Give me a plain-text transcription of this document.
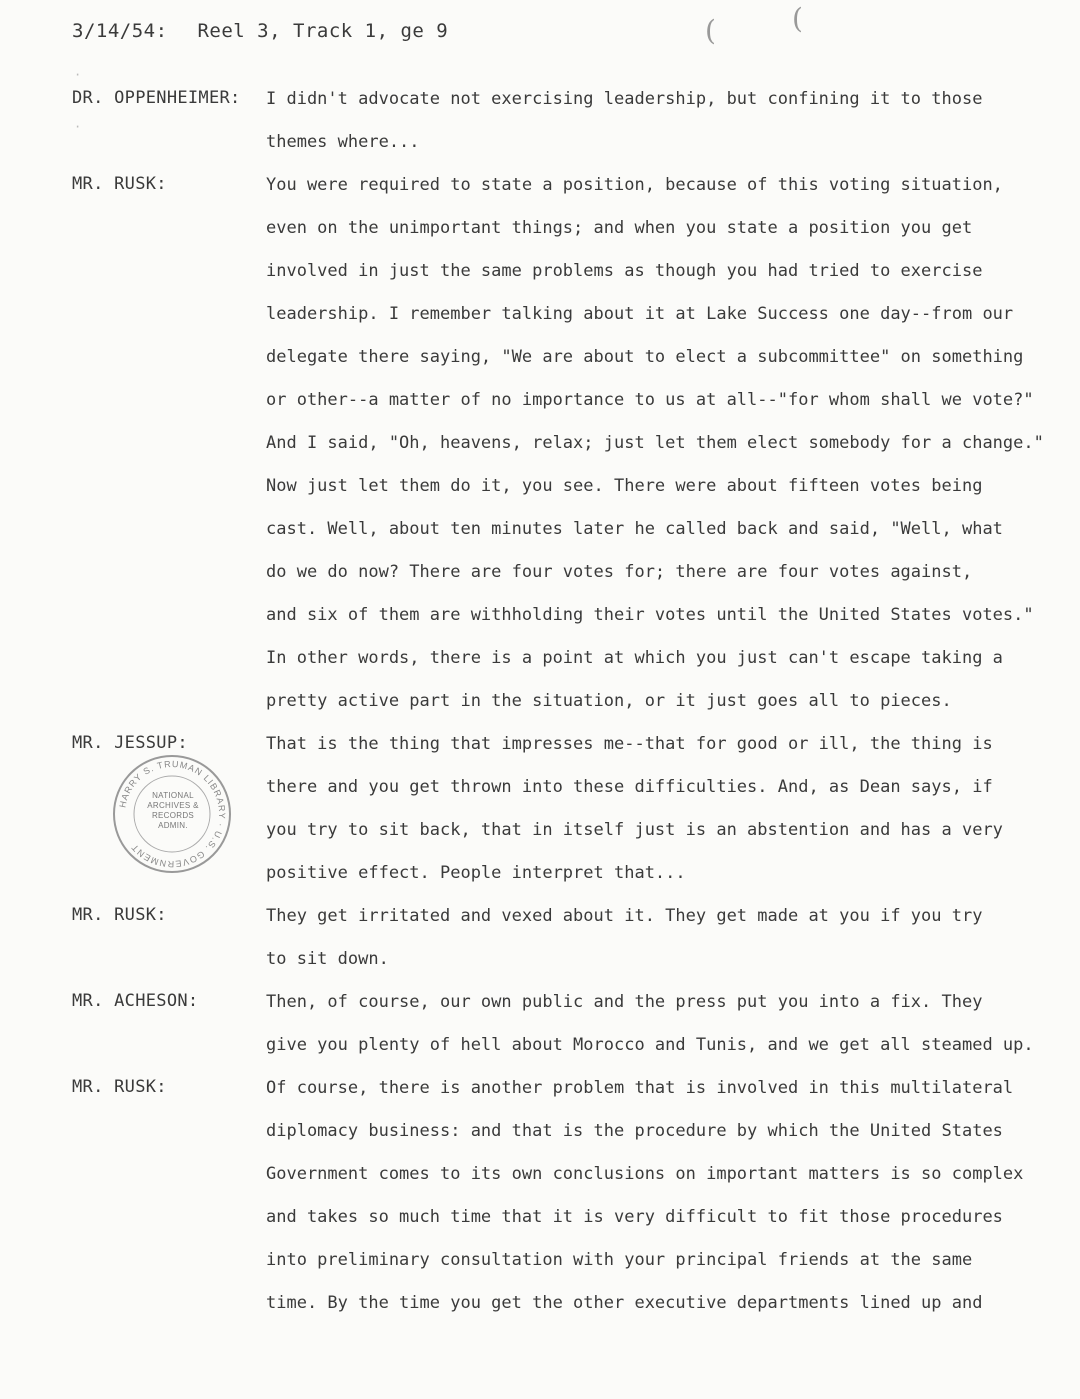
3/14/54: Reel 3, Track 1, ge 9	(	(
·
·
DR. OPPENHEIMER: I didn't advocate not exercising leadership, but confining it to those
themes where...
MR. RUSK:	You were required to state a position, because of this voting situation,
even on the unimportant things; and when you state a position you get
involved in just the same problems as though you had tried to exercise
leadership. I remember talking about it at Lake Success one day--from our
delegate there saying, "We are about to elect a subcommittee" on something
or other--a matter of no importance to us at all--"for whom shall we vote?"
And I said, "Oh, heavens, relax; just let them elect somebody for a change."
Now just let them do it, you see. There were about fifteen votes being
cast. Well, about ten minutes later he called back and said, "Well, what
do we do now? There are four votes for; there are four votes against,
and six of them are withholding their votes until the United States votes."
In other words, there is a point at which you just can't escape taking a
pretty active part in the situation, or it just goes all to pieces.
MR. JESSUP:	That is the thing that impresses me--that for good or ill, the thing is
there and you get thrown into these difficulties. And, as Dean says, if
you try to sit back, that in itself just is an abstention and has a very
positive effect. People interpret that...
MR. RUSK:	They get irritated and vexed about it. They get made at you if you try
to sit down.
MR. ACHESON:	Then, of course, our own public and the press put you into a fix. They
give you plenty of hell about Morocco and Tunis, and we get all steamed up.
MR. RUSK:	Of course, there is another problem that is involved in this multilateral
diplomacy business: and that is the procedure by which the United States
Government comes to its own conclusions on important matters is so complex
and takes so much time that it is very difficult to fit those procedures
into preliminary consultation with your principal friends at the same
time. By the time you get the other executive departments lined up and
HARRY S. TRUMAN LIBRARY · U.S. GOVERNMENT
NATIONAL
ARCHIVES &
RECORDS
ADMIN.
